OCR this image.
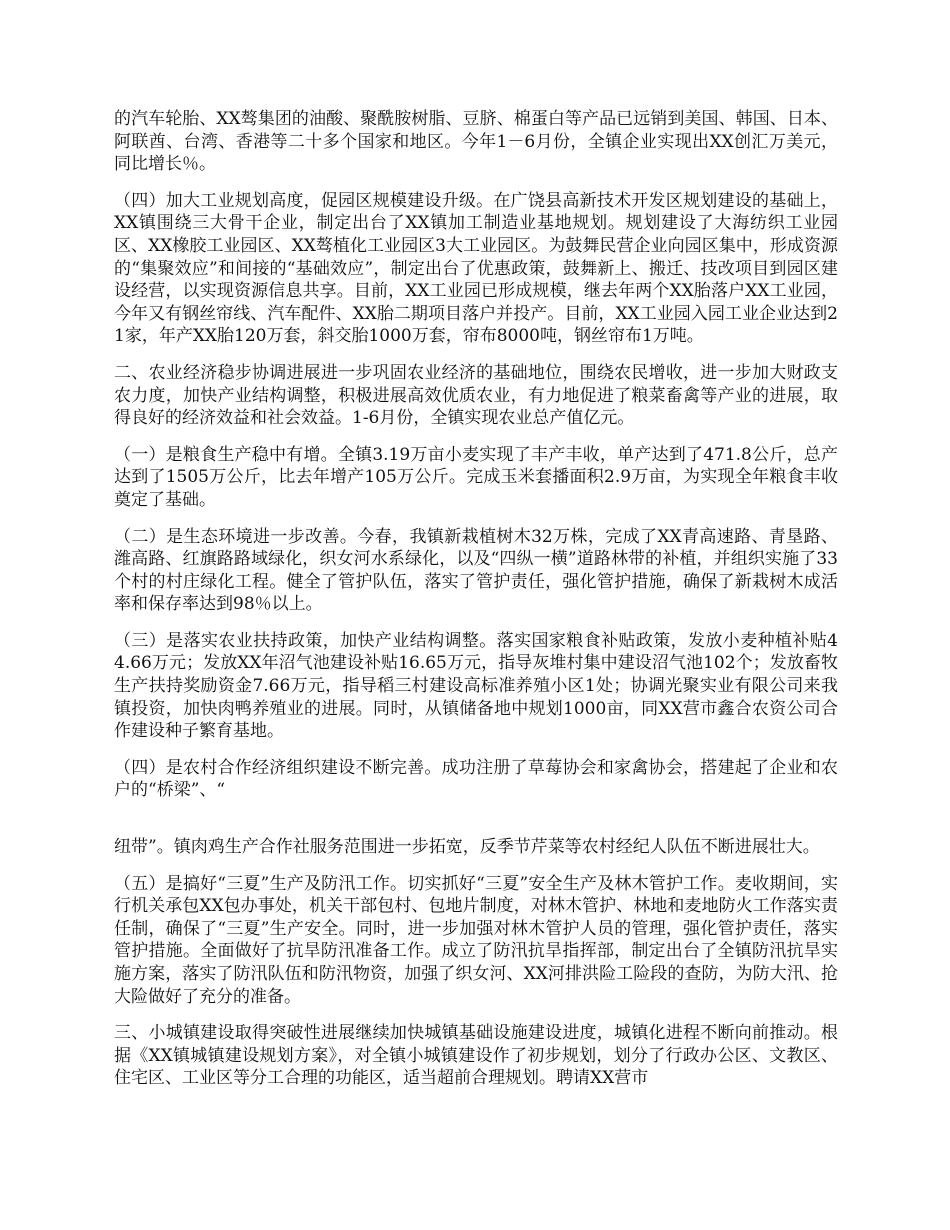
的汽车轮胎、XX骜集团的油酸、聚酰胺树脂、豆脐、棉蛋白等产品已远销到美国、韩国、日本、阿联酋、台湾、香港等二十多个国家和地区。今年1－6月份，全镇企业实现出XX创汇万美元，同比增长％。

（四）加大工业规划高度，促园区规模建设升级。在广饶县高新技术开发区规划建设的基础上，XX镇围绕三大骨干企业，制定出台了XX镇加工制造业基地规划。规划建设了大海纺织工业园区、XX橡胶工业园区、XX骜植化工业园区3大工业园区。为鼓舞民营企业向园区集中，形成资源的“集聚效应”和间接的“基础效应”，制定出台了优惠政策，鼓舞新上、搬迁、技改项目到园区建设经营，以实现资源信息共享。目前，XX工业园已形成规模，继去年两个XX胎落户XX工业园，今年又有钢丝帘线、汽车配件、XX胎二期项目落户并投产。目前，XX工业园入园工业企业达到21家，年产XX胎120万套，斜交胎1000万套，帘布8000吨，钢丝帘布1万吨。

二、农业经济稳步协调进展进一步巩固农业经济的基础地位，围绕农民增收，进一步加大财政支农力度，加快产业结构调整，积极进展高效优质农业，有力地促进了粮菜畜禽等产业的进展，取得良好的经济效益和社会效益。1-6月份，全镇实现农业总产值亿元。

（一）是粮食生产稳中有增。全镇3.19万亩小麦实现了丰产丰收，单产达到了471.8公斤，总产达到了1505万公斤，比去年增产105万公斤。完成玉米套播面积2.9万亩，为实现全年粮食丰收奠定了基础。

（二）是生态环境进一步改善。今春，我镇新栽植树木32万株，完成了XX青高速路、青垦路、潍高路、红旗路路域绿化，织女河水系绿化，以及“四纵一横”道路林带的补植，并组织实施了33个村的村庄绿化工程。健全了管护队伍，落实了管护责任，强化管护措施，确保了新栽树木成活率和保存率达到98％以上。

（三）是落实农业扶持政策，加快产业结构调整。落实国家粮食补贴政策，发放小麦种植补贴44.66万元；发放XX年沼气池建设补贴16.65万元，指导灰堆村集中建设沼气池102个；发放畜牧生产扶持奖励资金7.66万元，指导稻三村建设高标准养殖小区1处；协调光聚实业有限公司来我镇投资，加快肉鸭养殖业的进展。同时，从镇储备地中规划1000亩，同XX营市鑫合农资公司合作建设种子繁育基地。

（四）是农村合作经济组织建设不断完善。成功注册了草莓协会和家禽协会，搭建起了企业和农户的“桥梁”、“

纽带”。镇肉鸡生产合作社服务范围进一步拓宽，反季节芹菜等农村经纪人队伍不断进展壮大。

（五）是搞好“三夏”生产及防汛工作。切实抓好“三夏”安全生产及林木管护工作。麦收期间，实行机关承包XX包办事处，机关干部包村、包地片制度，对林木管护、林地和麦地防火工作落实责任制，确保了“三夏”生产安全。同时，进一步加强对林木管护人员的管理，强化管护责任，落实管护措施。全面做好了抗旱防汛准备工作。成立了防汛抗旱指挥部，制定出台了全镇防汛抗旱实施方案，落实了防汛队伍和防汛物资，加强了织女河、XX河排洪险工险段的查防，为防大汛、抢大险做好了充分的准备。

三、小城镇建设取得突破性进展继续加快城镇基础设施建设进度，城镇化进程不断向前推动。根据《XX镇城镇建设规划方案》，对全镇小城镇建设作了初步规划，划分了行政办公区、文教区、住宅区、工业区等分工合理的功能区，适当超前合理规划。聘请XX营市
